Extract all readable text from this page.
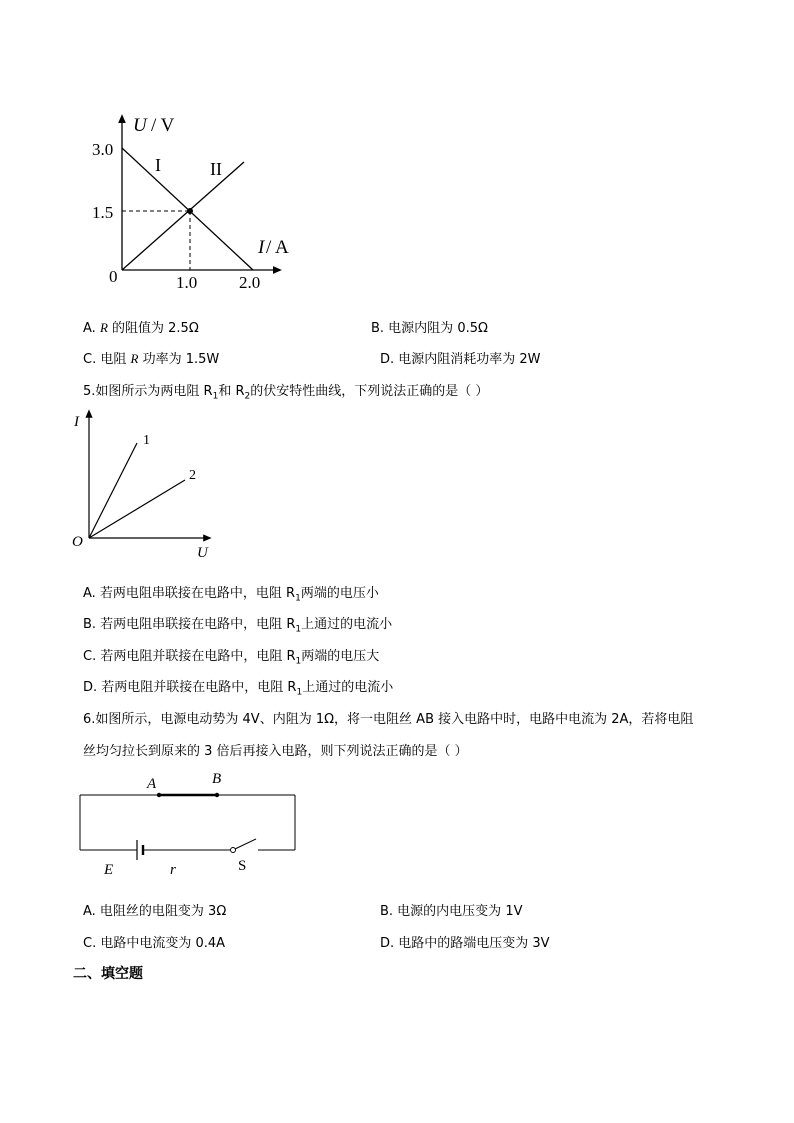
U / V
3.0
1.5
0	1.0 2.0
I / A
I	II
A. R 的阻值为 2.5Ω	B. 电源内阻为 0.5Ω
C. 电阻 R 功率为 1.5W	D. 电源内阻消耗功率为 2W
5.如图所示为两电阻 $R_1$和 $R_2$的伏安特性曲线，下列说法正确的是（ ）
I
U
O
1
2
A. 若两电阻串联接在电路中，电阻 $R_1$两端的电压小
B. 若两电阻串联接在电路中，电阻 $R_1$上通过的电流小
C. 若两电阻并联接在电路中，电阻 $R_1$两端的电压大
D. 若两电阻并联接在电路中，电阻 $R_1$上通过的电流小
6.如图所示，电源电动势为 4V、内阻为 1Ω，将一电阻丝 AB 接入电路中时，电路中电流为 2A，若将电阻
丝均匀拉长到原来的 3 倍后再接入电路，则下列说法正确的是（ ）
A	B
E	r	S
A. 电阻丝的电阻变为 3Ω	B. 电源的内电压变为 1V
C. 电路中电流变为 0.4A	D. 电路中的路端电压变为 3V
二、填空题
